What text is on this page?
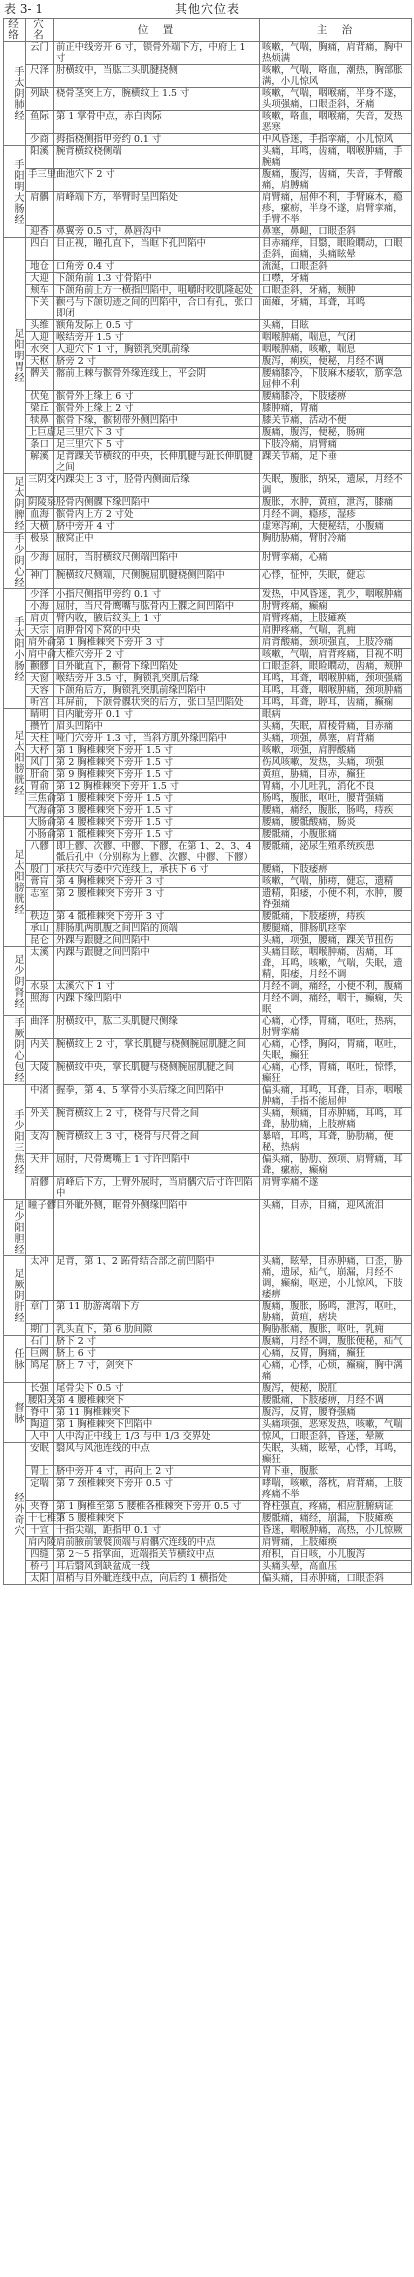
表 3- 1	其他穴位表
经络	穴名	位　置	主　治
手太阴肺经	云门	前正中线旁开 6 寸，锁骨外端下方，中府上 1 寸	咳嗽，气喘，胸痛，肩背痛，胸中热烦满
	尺泽	肘横纹中，当肱二头肌腱挠侧	咳嗽，气喘，咯血，潮热，胸部胀满，小儿惊风
	列缺	桡骨茎突上方，腕横纹上 1.5 寸	咳嗽，气喘，咽喉痛，半身不遂，头项强痛，口眼歪斜，牙痛
	鱼际	第 1 掌骨中点，赤白肉际	咳嗽，咯血，咽喉痛，失音，发热恶寒
	少商	拇指桡侧指甲旁约 0.1 寸	中风昏迷，手指挛痛，小儿惊风
手阳明大肠经	阳溪	腕背横纹桡侧端	头痛，耳鸣，齿痛，咽喉肿痛，手腕痛
	手三里	曲池穴下 2 寸	腹痛，腹泻，齿痛，失音，手臂酸痛，肩膊痛
	肩髃	肩峰端下方，举臂时呈凹陷处	肩臂痛，屈伸不利，手臂麻木，瘾疹，瘰疬，半身不遂，肩臂挛痛，手臂不举
	迎香	鼻翼旁 0.5 寸，鼻唇沟中	鼻塞，鼻衄，口眼歪斜
足阳明胃经	四白	目正视，瞳孔直下，当眶下孔凹陷中	目赤痛痒，目翳，眼睑瞤动，口眼歪斜，面痛，头痛眩晕
	地仓	口角旁 0.4 寸	流涎，口眼歪斜
	大迎	下颌角前 1.3 寸骨陷中	口噤，牙痛
	颊车	下颌角前上方一横指凹陷中，咀嚼时咬肌隆起处	口眼歪斜，牙痛，颊肿
	下关	颧弓与下颌切迹之间的凹陷中，合口有孔，张口即闭	面瘫，牙痛，耳聋，耳鸣
	头维	额角发际上 0.5 寸	头痛，目眩
	人迎	喉结旁开 1.5 寸	咽喉肿痛，喘息，气闭
	水突	人迎穴下 1 寸，胸锁乳突肌前缘	咽喉肿痛，咳嗽，喘息
	天枢	脐旁 2 寸	腹泻，痢疾，便秘，月经不调
	髀关	髂前上棘与髌骨外缘连线上，平会阴	腰痛膝冷，下肢麻木痿软，筋挛急屈伸不利
	伏兔	髌骨外上缘上 6 寸	腰痛膝冷，下肢痿痹
	梁丘	髌骨外上缘上 2 寸	膝肿痛，胃痛
	犊鼻	髌骨下缘，髌韧带外侧凹陷中	膝关节痛，活动不便
	上巨虚	足三里穴下 3 寸	腹痛，腹泻，便秘，肠痈
	条口	足三里穴下 5 寸	下肢冷痛，肩臂痛
	解溪	足背踝关节横纹的中央，长伸肌腱与趾长伸肌腱之间	踝关节痛，足下垂
足太阴脾经	三阴交	内踝尖上 3 寸，胫骨内侧面后缘	失眠，腹胀，纳呆，遗尿，月经不调
	阴陵泉	胫骨内侧髁下缘凹陷中	腹胀，水肿，黄疸，泄泻，膝痛
	血海	髌骨内上方 2 寸处	月经不调，瘾疹，湿疹
	大横	脐中旁开 4 寸	虚寒泻痢，大便秘结，小腹痛
手少阴心经	极泉	腋窝正中	胸肋胁痛，臂肘冷痛
	少海	屈肘，当肘横纹尺侧端凹陷中	肘臂挛痛，心痛
	神门	腕横纹尺侧端，尺侧腕屈肌腱桡侧凹陷中	心悸，怔忡，失眠，健忘
手太阳小肠经	少泽	小指尺侧指甲旁约 0.1 寸	发热，中风昏迷，乳少，咽喉肿痛
	小海	屈肘，当尺骨鹰嘴与肱骨内上髁之间凹陷中	肘臂疼痛，癫痫
	肩贞	臂内收，腋后纹头上 1 寸	肩臂疼痛，上肢瘫痪
	天宗	肩胛骨冈下窝的中央	肩胛疼痛，气喘，乳痈
	肩外俞	第 1 胸椎棘突下旁开 3 寸	肩背酸痛，颈项强直，上肢冷痛
	肩中俞	大椎穴旁开 2 寸	咳嗽，气喘，肩背疼痛，目视不明
	颧髎	目外眦直下，颧骨下缘凹陷处	口眼歪斜，眼睑瞤动，齿痛，颊肿
	天窗	喉结旁开 3.5 寸，胸锁乳突肌后缘	耳鸣，耳聋，咽喉肿痛，颈项强痛
	天容	下颌角后方，胸锁乳突肌前缘凹陷中	耳鸣，耳聋，咽喉肿痛，颈项肿痛
	听宫	耳屏前，下颌骨髁状突的后方，张口呈凹陷处	耳鸣，耳聋，聤耳，齿痛，癫痫
足太阳膀胱经	睛明	目内眦旁开 0.1 寸	眼病
	攒竹	眉头凹陷中	头痛，失眠，眉棱骨痛，目赤痛
	天柱	哑门穴旁开 1.3 寸，当斜方肌外缘凹陷中	头痛，项强，鼻塞，肩背痛
	大杼	第 1 胸椎棘突下旁开 1.5 寸	咳嗽，项强，肩胛酸痛
	风门	第 2 胸椎棘突下旁开 1.5 寸	伤风咳嗽，发热，头痛，项强
	肝俞	第 9 胸椎棘突下旁开 1.5 寸	黄疸，胁痛，目赤，癫狂
	胃俞	第 12 胸椎棘突下旁开 1.5 寸	胃痛，小儿吐乳，消化不良
	三焦俞	第 1 腰椎棘突下旁开 1.5 寸	肠鸣，腹胀，呕吐，腰背强痛
	气海俞	第 3 腰椎棘突下旁开 1.5 寸	腰痛，痛经，腹胀，肠鸣，痔疾
足太阳膀胱经	大肠俞	第 4 腰椎棘突下旁开 1.5 寸	腰痛，腰骶酸痛，肠炎
	小肠俞	第 1 骶椎棘突下旁开 1.5 寸	腰骶痛，小腹胀痛
	八髎	即上髎、次髎、中髎、下髎，在第 1、2、3、4 骶后孔中（分别称为上髎、次髎、中髎、下髎）	腰骶痛，泌尿生殖系统疾患
	殷门	承扶穴与委中穴连线上，承扶下 6 寸	腰痛，下肢痿痹
	膏肓	第 4 胸椎棘突下旁开 3 寸	咳嗽，气喘，肺痨，健忘，遗精
	志室	第 2 腰椎棘突下旁开 3 寸	遗精，阳痿，小便不利，水肿，腰脊强痛
	秩边	第 4 骶椎棘突下旁开 3 寸	腰骶痛，下肢痿痹，痔疾
	承山	腓肠肌两肌腹之间凹陷的顶端	腰腿痛，腓肠肌痉挛
	昆仑	外踝与跟腱之间凹陷中	头痛，项强，腰痛，踝关节扭伤
足少阴肾经	太溪	内踝与跟腱之间凹陷中	头痛目眩，咽喉肿痛，齿痛，耳聋，耳鸣，咳嗽，气喘，失眠，遗精，阳痿，月经不调
	水泉	太溪穴下 1 寸	月经不调，痛经，小便不利，腹痛
	照海	内踝下缘凹陷中	月经不调，痛经，咽干，癫痫，失眠
手厥阴心包经	曲泽	肘横纹中，肱二头肌腱尺侧缘	心痛，心悸，胃痛，呕吐，热病，肘臂挛痛
	内关	腕横纹上 2 寸，掌长肌腱与桡侧腕屈肌腱之间	心痛，心悸，胸闷，胃痛，呕吐，失眠，癫狂
	大陵	腕横纹中央，掌长肌腱与桡侧腕屈肌腱之间	心痛，心悸，胃痛，呕吐，惊悸，癫狂
手少阳三焦经	中渚	握拳，第 4、5 掌骨小头后缘之间凹陷中	偏头痛，耳鸣，耳聋，目赤，咽喉肿痛，手指不能屈伸
	外关	腕背横纹上 2 寸，桡骨与尺骨之间	头痛，颊痛，目赤肿痛，耳鸣，耳聋，胁肋痛，上肢痹痛
	支沟	腕背横纹上 3 寸，桡骨与尺骨之间	暴喑，耳鸣，耳聋，胁肋痛，便秘，热病
	天井	屈肘，尺骨鹰嘴上 1 寸许凹陷中	偏头痛，胁肋、颈项、肩臂痛，耳聋，瘰疬，癫痫
	肩髎	肩峰后下方，上臂外展时，当肩髃穴后寸许凹陷中	肩臂挛痛不遂
足少阳胆经	瞳子髎	目外眦外侧，眶骨外侧缘凹陷中	头痛，目赤，目痛，迎风流泪
足厥阴肝经	太冲	足背，第 1、2 跖骨结合部之前凹陷中	头痛，眩晕，目赤肿痛，口歪，胁痛，遗尿，疝气，崩漏，月经不调，癫痫，呕逆，小儿惊风，下肢痿痹
	章门	第 11 肋游离端下方	腹痛，腹胀，肠鸣，泄泻，呕吐，胁痛，黄疸，痞块
	期门	乳头直下，第 6 肋间隙	胸胁胀痛，腹胀，呕吐，乳痈
任脉	石门	脐下 2 寸	腹痛，月经不调，腹胀便秘，疝气
	巨阙	脐上 6 寸	心痛，反胃，胸痛，癫狂
	鸠尾	脐上 7 寸，剑突下	心痛，心悸，心烦，癫痫，胸中满痛
督脉	长强	尾骨尖下 0.5 寸	腹泻，便秘，脱肛
	腰阳关	第 4 腰椎棘突下	腰骶痛，下肢痿痹，月经不调
	脊中	第 11 胸椎棘突下	腹泻，反胃，腰脊强痛
	陶道	第 1 胸椎棘突下凹陷中	头痛项强，恶寒发热，咳嗽，气喘
	人中	人中沟正中线上 1/3 与中 1/3 交界处	惊风，口眼歪斜，昏迷，晕厥
经外奇穴	安眠	翳风与风池连线的中点	失眠，头痛，眩晕，心悸，耳鸣，癫狂
	胃上	脐中旁开 4 寸，再向上 2 寸	胃下垂，腹胀
	定喘	第 7 颈椎棘突下旁开 0.5 寸	哮喘，咳嗽，落枕，肩背痛，上肢疼痛不举
	夹脊	第 1 胸椎至第 5 腰椎各椎棘突下旁开 0.5 寸	脊柱强直，疼痛，相应脏腑病证
	十七椎下	第 5 腰椎棘突下	腰骶痛，痛经，崩漏，下肢瘫痪
	十宣	十指尖端，距指甲 0.1 寸	昏迷，咽喉肿痛，高热，小儿惊厥
	肩内陵	肩前腋前皱襞顶端与肩髃穴连线的中点	肩臂痛，上肢瘫痪
	四缝	第 2～5 指掌面，近端指关节横纹中点	疳积，百日咳，小儿腹泻
	桥弓	耳后翳风到缺盆成一线	头痛头晕，高血压
	太阳	眉梢与目外眦连线中点，向后约 1 横指处	偏头痛，目赤肿痛，口眼歪斜
